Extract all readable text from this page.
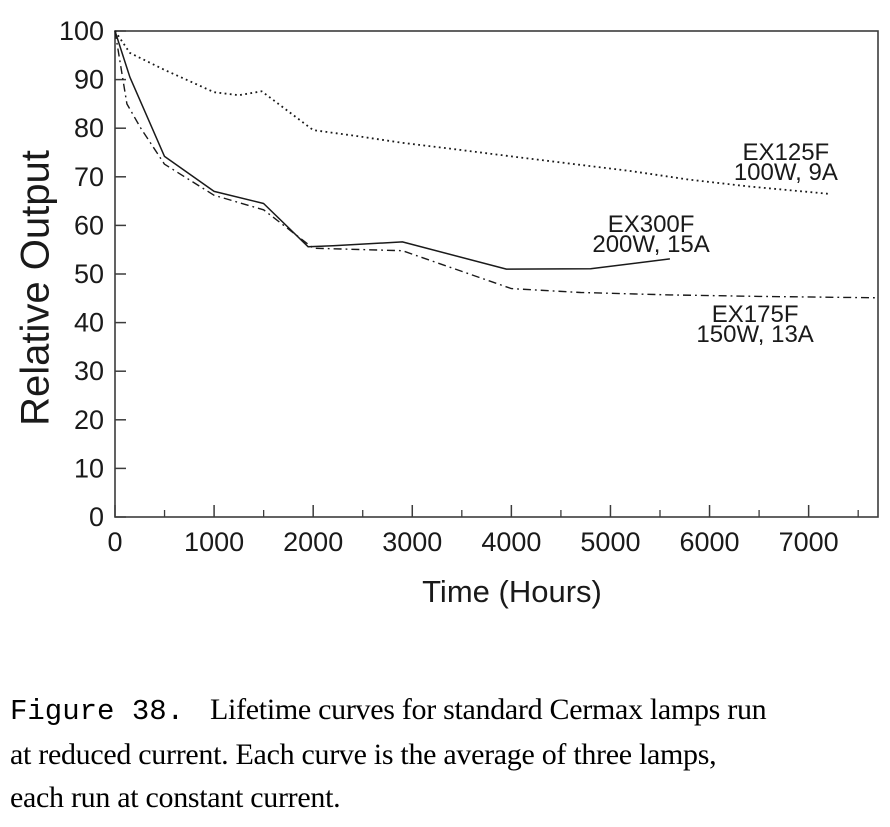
0 1000 2000 3000 4000 5000 6000 7000
0
10
20
30
40
50
60
70
80
90
100
EX125F 100W, 9A
EX300F 200W, 15A
EX175F 150W, 13A
Relative Output
Time (Hours)
Figure 38. Lifetime curves for standard Cermax lamps run
at reduced current. Each curve is the average of three lamps,
each run at constant current.
